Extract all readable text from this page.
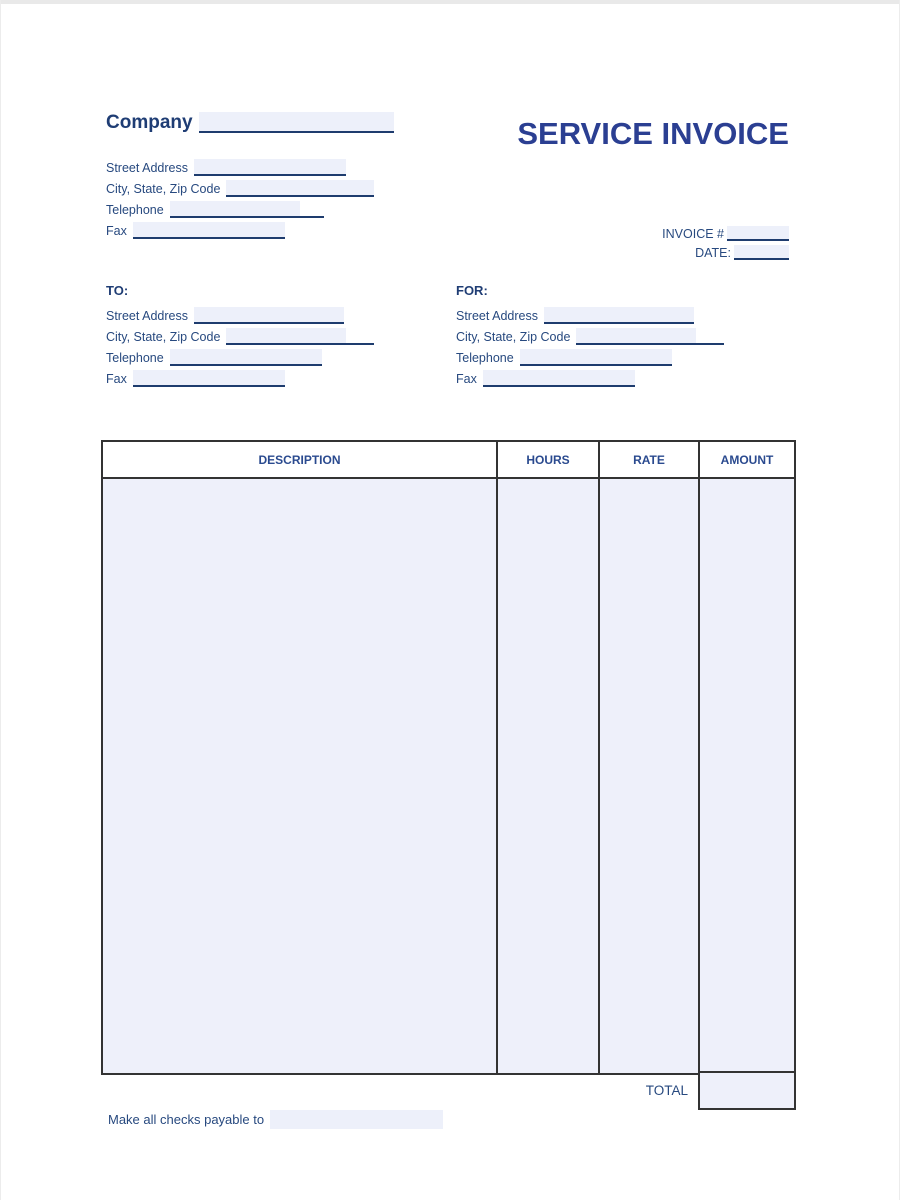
Company
Street Address
City, State, Zip Code
Telephone
Fax
SERVICE INVOICE
INVOICE #
DATE:
TO:
Street Address
City, State, Zip Code
Telephone
Fax
FOR:
Street Address
City, State, Zip Code
Telephone
Fax
DESCRIPTION	HOURS	RATE	AMOUNT
TOTAL
Make all checks payable to
